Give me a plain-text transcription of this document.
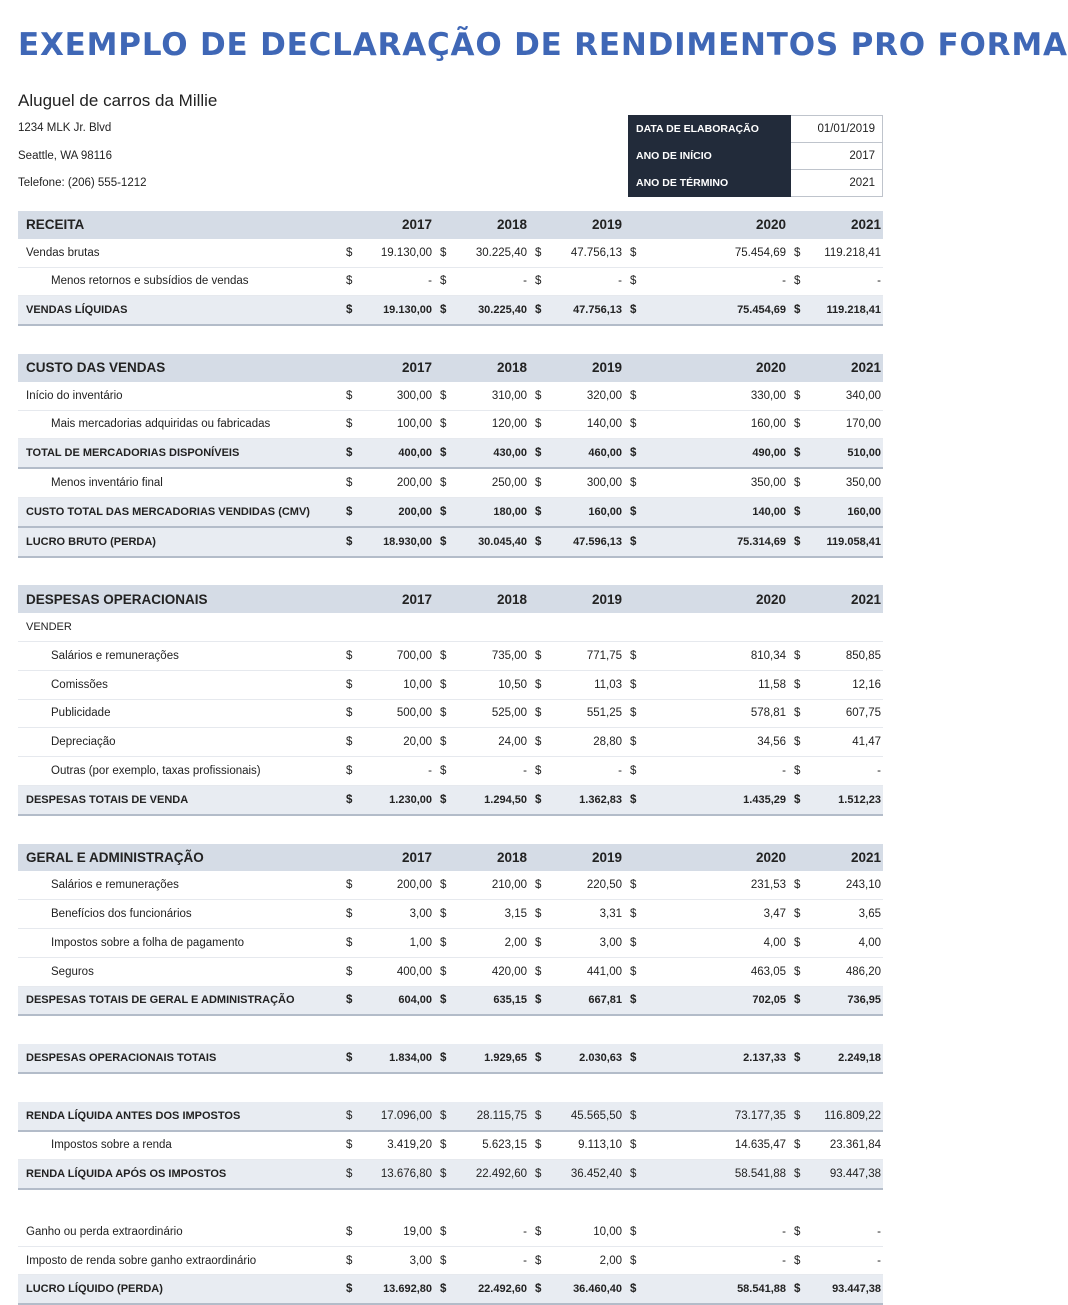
EXEMPLO DE DECLARAÇÃO DE RENDIMENTOS PRO FORMA
Aluguel de carros da Millie
1234 MLK Jr. Blvd
Seattle, WA 98116
Telefone: (206) 555-1212
DATA DE ELABORAÇÃO	01/01/2019
ANO DE INÍCIO	2017
ANO DE TÉRMINO	2021
RECEITA		2017		2018		2019		2020		2021
Vendas brutas	$	19.130,00	$	30.225,40	$	47.756,13	$	75.454,69	$	119.218,41
Menos retornos e subsídios de vendas	$	-	$	-	$	-	$	-	$	-
VENDAS LÍQUIDAS	$	19.130,00	$	30.225,40	$	47.756,13	$	75.454,69	$	119.218,41

CUSTO DAS VENDAS		2017		2018		2019		2020		2021
Início do inventário	$	300,00	$	310,00	$	320,00	$	330,00	$	340,00
Mais mercadorias adquiridas ou fabricadas	$	100,00	$	120,00	$	140,00	$	160,00	$	170,00
TOTAL DE MERCADORIAS DISPONÍVEIS	$	400,00	$	430,00	$	460,00	$	490,00	$	510,00
Menos inventário final	$	200,00	$	250,00	$	300,00	$	350,00	$	350,00
CUSTO TOTAL DAS MERCADORIAS VENDIDAS (CMV)	$	200,00	$	180,00	$	160,00	$	140,00	$	160,00
LUCRO BRUTO (PERDA)	$	18.930,00	$	30.045,40	$	47.596,13	$	75.314,69	$	119.058,41

DESPESAS OPERACIONAIS		2017		2018		2019		2020		2021
VENDER										
Salários e remunerações	$	700,00	$	735,00	$	771,75	$	810,34	$	850,85
Comissões	$	10,00	$	10,50	$	11,03	$	11,58	$	12,16
Publicidade	$	500,00	$	525,00	$	551,25	$	578,81	$	607,75
Depreciação	$	20,00	$	24,00	$	28,80	$	34,56	$	41,47
Outras (por exemplo, taxas profissionais)	$	-	$	-	$	-	$	-	$	-
DESPESAS TOTAIS DE VENDA	$	1.230,00	$	1.294,50	$	1.362,83	$	1.435,29	$	1.512,23

GERAL E ADMINISTRAÇÃO		2017		2018		2019		2020		2021
Salários e remunerações	$	200,00	$	210,00	$	220,50	$	231,53	$	243,10
Benefícios dos funcionários	$	3,00	$	3,15	$	3,31	$	3,47	$	3,65
Impostos sobre a folha de pagamento	$	1,00	$	2,00	$	3,00	$	4,00	$	4,00
Seguros	$	400,00	$	420,00	$	441,00	$	463,05	$	486,20
DESPESAS TOTAIS DE GERAL E ADMINISTRAÇÃO	$	604,00	$	635,15	$	667,81	$	702,05	$	736,95

DESPESAS OPERACIONAIS TOTAIS	$	1.834,00	$	1.929,65	$	2.030,63	$	2.137,33	$	2.249,18

RENDA LÍQUIDA ANTES DOS IMPOSTOS	$	17.096,00	$	28.115,75	$	45.565,50	$	73.177,35	$	116.809,22
Impostos sobre a renda	$	3.419,20	$	5.623,15	$	9.113,10	$	14.635,47	$	23.361,84
RENDA LÍQUIDA APÓS OS IMPOSTOS	$	13.676,80	$	22.492,60	$	36.452,40	$	58.541,88	$	93.447,38

Ganho ou perda extraordinário	$	19,00	$	-	$	10,00	$	-	$	-
Imposto de renda sobre ganho extraordinário	$	3,00	$	-	$	2,00	$	-	$	-
LUCRO LÍQUIDO (PERDA)	$	13.692,80	$	22.492,60	$	36.460,40	$	58.541,88	$	93.447,38
